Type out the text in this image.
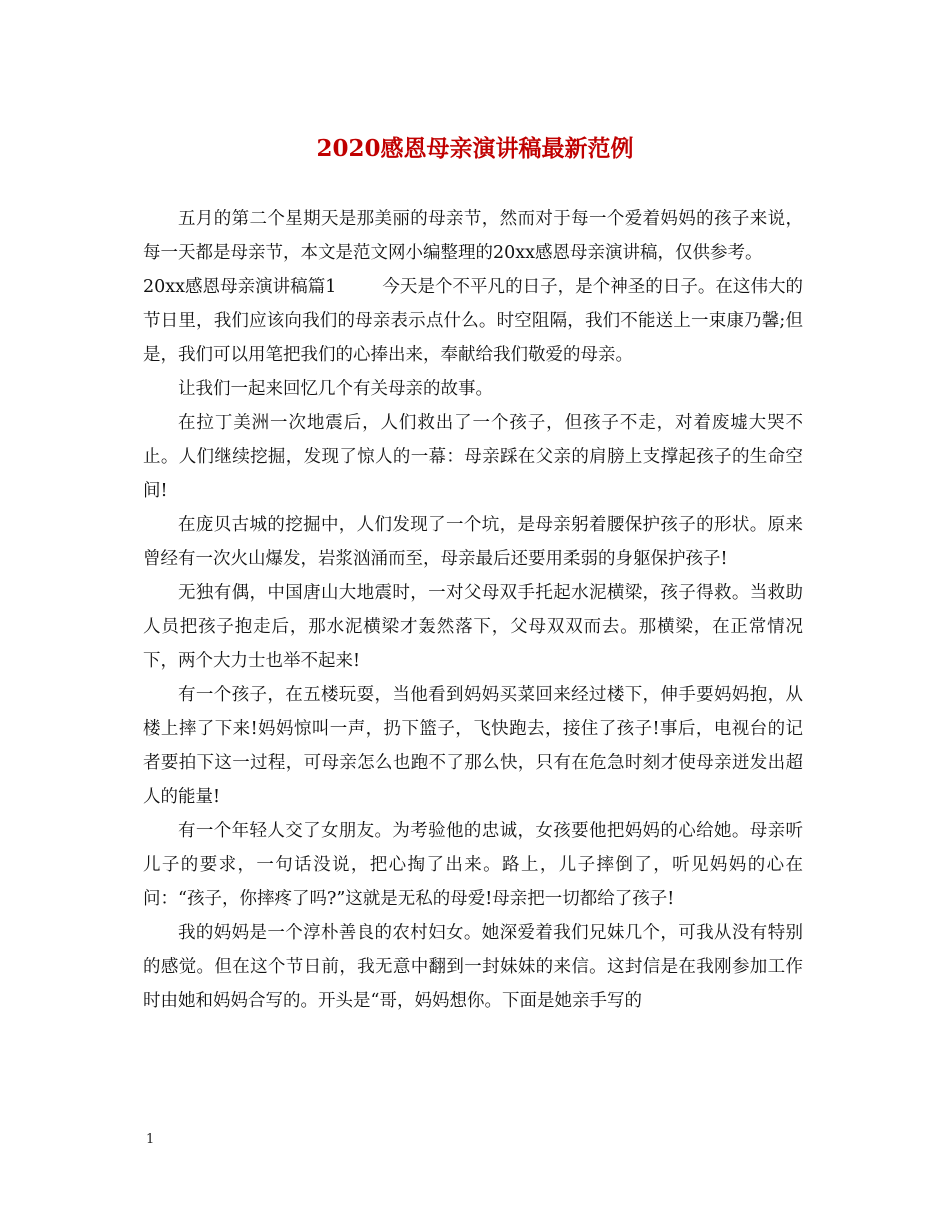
2020感恩母亲演讲稿最新范例

五月的第二个星期天是那美丽的母亲节，然而对于每一个爱着妈妈的孩子来说，每一天都是母亲节，本文是范文网小编整理的20xx感恩母亲演讲稿，仅供参考。

20xx感恩母亲演讲稿篇1	今天是个不平凡的日子，是个神圣的日子。在这伟大的节日里，我们应该向我们的母亲表示点什么。时空阻隔，我们不能送上一束康乃馨;但是，我们可以用笔把我们的心捧出来，奉献给我们敬爱的母亲。

让我们一起来回忆几个有关母亲的故事。

在拉丁美洲一次地震后，人们救出了一个孩子，但孩子不走，对着废墟大哭不止。人们继续挖掘，发现了惊人的一幕：母亲踩在父亲的肩膀上支撑起孩子的生命空间!

在庞贝古城的挖掘中，人们发现了一个坑，是母亲躬着腰保护孩子的形状。原来曾经有一次火山爆发，岩浆汹涌而至，母亲最后还要用柔弱的身躯保护孩子!

无独有偶，中国唐山大地震时，一对父母双手托起水泥横梁，孩子得救。当救助人员把孩子抱走后，那水泥横梁才轰然落下，父母双双而去。那横梁，在正常情况下，两个大力士也举不起来!

有一个孩子，在五楼玩耍，当他看到妈妈买菜回来经过楼下，伸手要妈妈抱，从楼上摔了下来!妈妈惊叫一声，扔下篮子，飞快跑去，接住了孩子!事后，电视台的记者要拍下这一过程，可母亲怎么也跑不了那么快，只有在危急时刻才使母亲迸发出超人的能量!

有一个年轻人交了女朋友。为考验他的忠诚，女孩要他把妈妈的心给她。母亲听儿子的要求，一句话没说，把心掏了出来。路上，儿子摔倒了，听见妈妈的心在问：“孩子，你摔疼了吗?”这就是无私的母爱!母亲把一切都给了孩子!

我的妈妈是一个淳朴善良的农村妇女。她深爱着我们兄妹几个，可我从没有特别的感觉。但在这个节日前，我无意中翻到一封妹妹的来信。这封信是在我刚参加工作时由她和妈妈合写的。开头是“哥，妈妈想你。下面是她亲手写的

1
